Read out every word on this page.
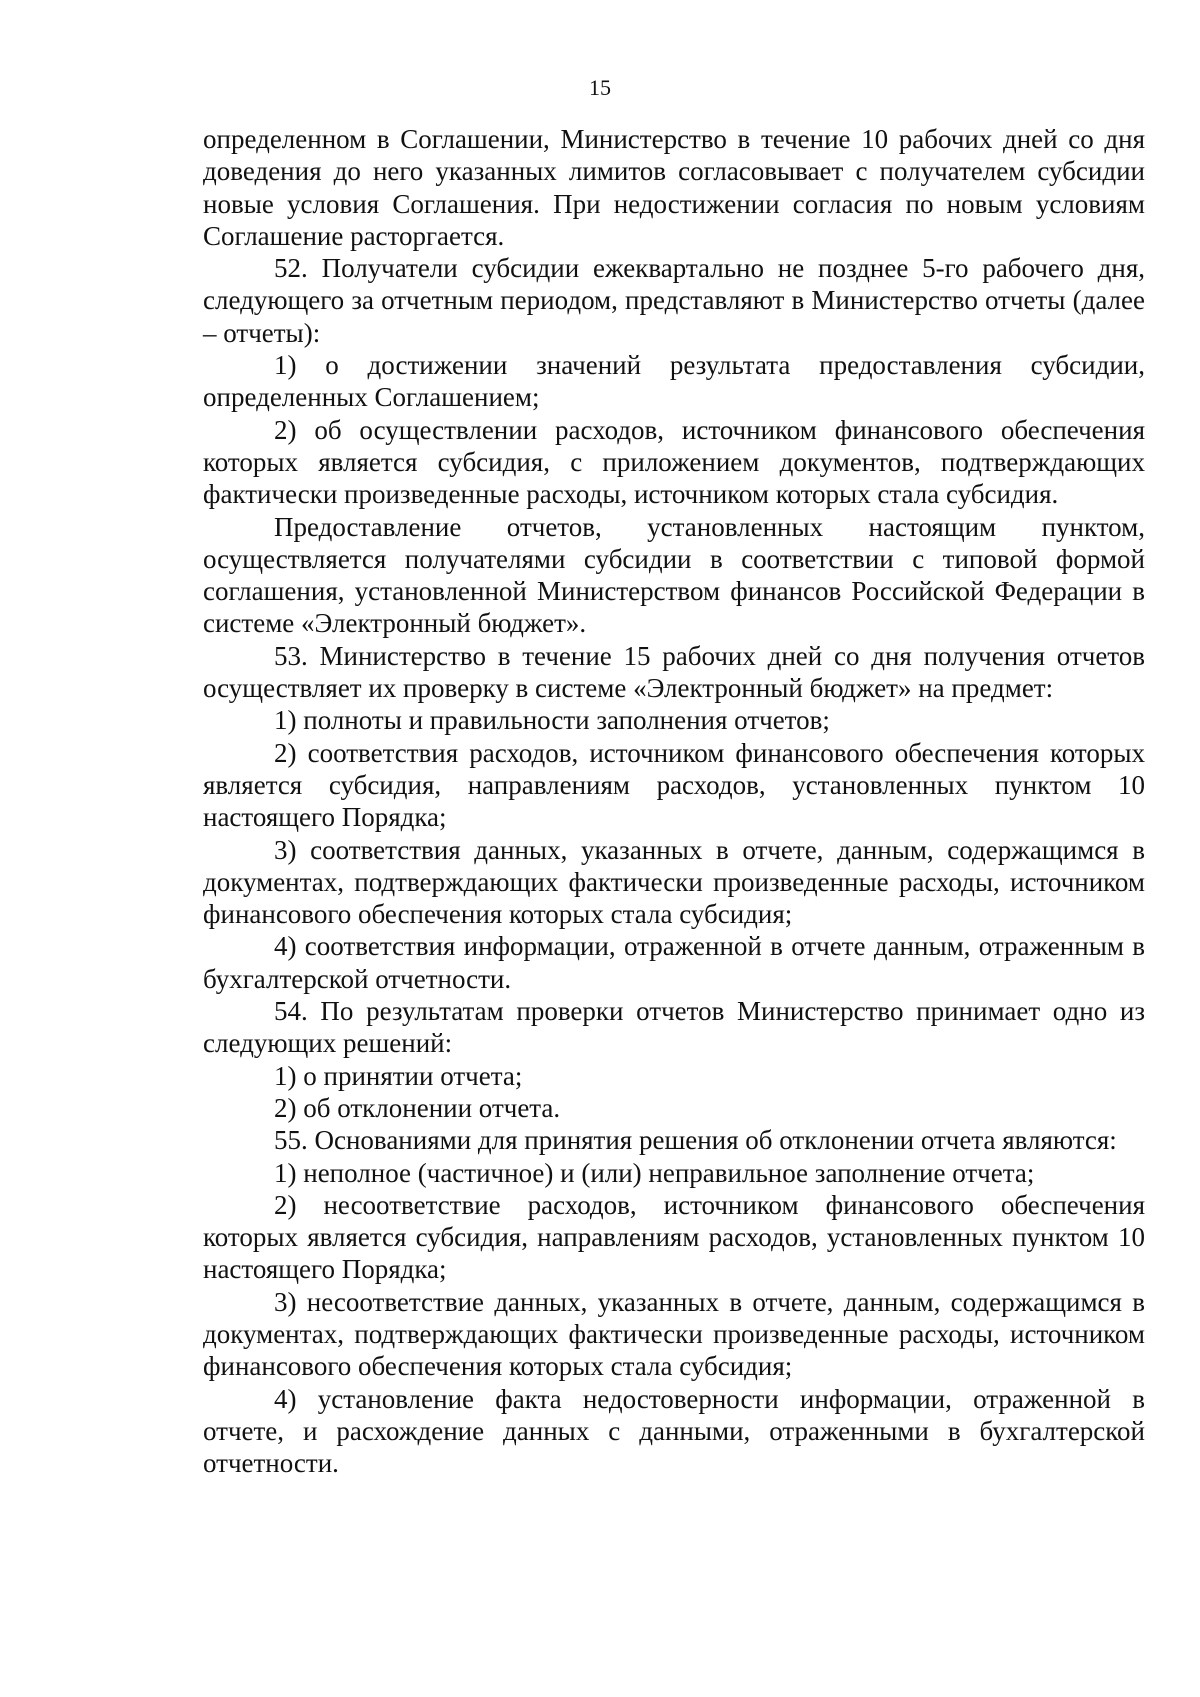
15

определенном в Соглашении, Министерство в течение 10 рабочих дней со дня доведения до него указанных лимитов согласовывает с получателем субсидии новые условия Соглашения. При недостижении согласия по новым условиям Соглашение расторгается.

52. Получатели субсидии ежеквартально не позднее 5-го рабочего дня, следующего за отчетным периодом, представляют в Министерство отчеты (далее – отчеты):

1) о достижении значений результата предоставления субсидии, определенных Соглашением;

2) об осуществлении расходов, источником финансового обеспечения которых является субсидия, с приложением документов, подтверждающих фактически произведенные расходы, источником которых стала субсидия.

Предоставление отчетов, установленных настоящим пунктом, осуществляется получателями субсидии в соответствии с типовой формой соглашения, установленной Министерством финансов Российской Федерации в системе «Электронный бюджет».

53. Министерство в течение 15 рабочих дней со дня получения отчетов осуществляет их проверку в системе «Электронный бюджет» на предмет:

1) полноты и правильности заполнения отчетов;

2) соответствия расходов, источником финансового обеспечения которых является субсидия, направлениям расходов, установленных пунктом 10 настоящего Порядка;

3) соответствия данных, указанных в отчете, данным, содержащимся в документах, подтверждающих фактически произведенные расходы, источником финансового обеспечения которых стала субсидия;

4) соответствия информации, отраженной в отчете данным, отраженным в бухгалтерской отчетности.

54. По результатам проверки отчетов Министерство принимает одно из следующих решений:

1) о принятии отчета;

2) об отклонении отчета.

55. Основаниями для принятия решения об отклонении отчета являются:

1) неполное (частичное) и (или) неправильное заполнение отчета;

2) несоответствие расходов, источником финансового обеспечения которых является субсидия, направлениям расходов, установленных пунктом 10 настоящего Порядка;

3) несоответствие данных, указанных в отчете, данным, содержащимся в документах, подтверждающих фактически произведенные расходы, источником финансового обеспечения которых стала субсидия;

4) установление факта недостоверности информации, отраженной в отчете, и расхождение данных с данными, отраженными в бухгалтерской отчетности.
